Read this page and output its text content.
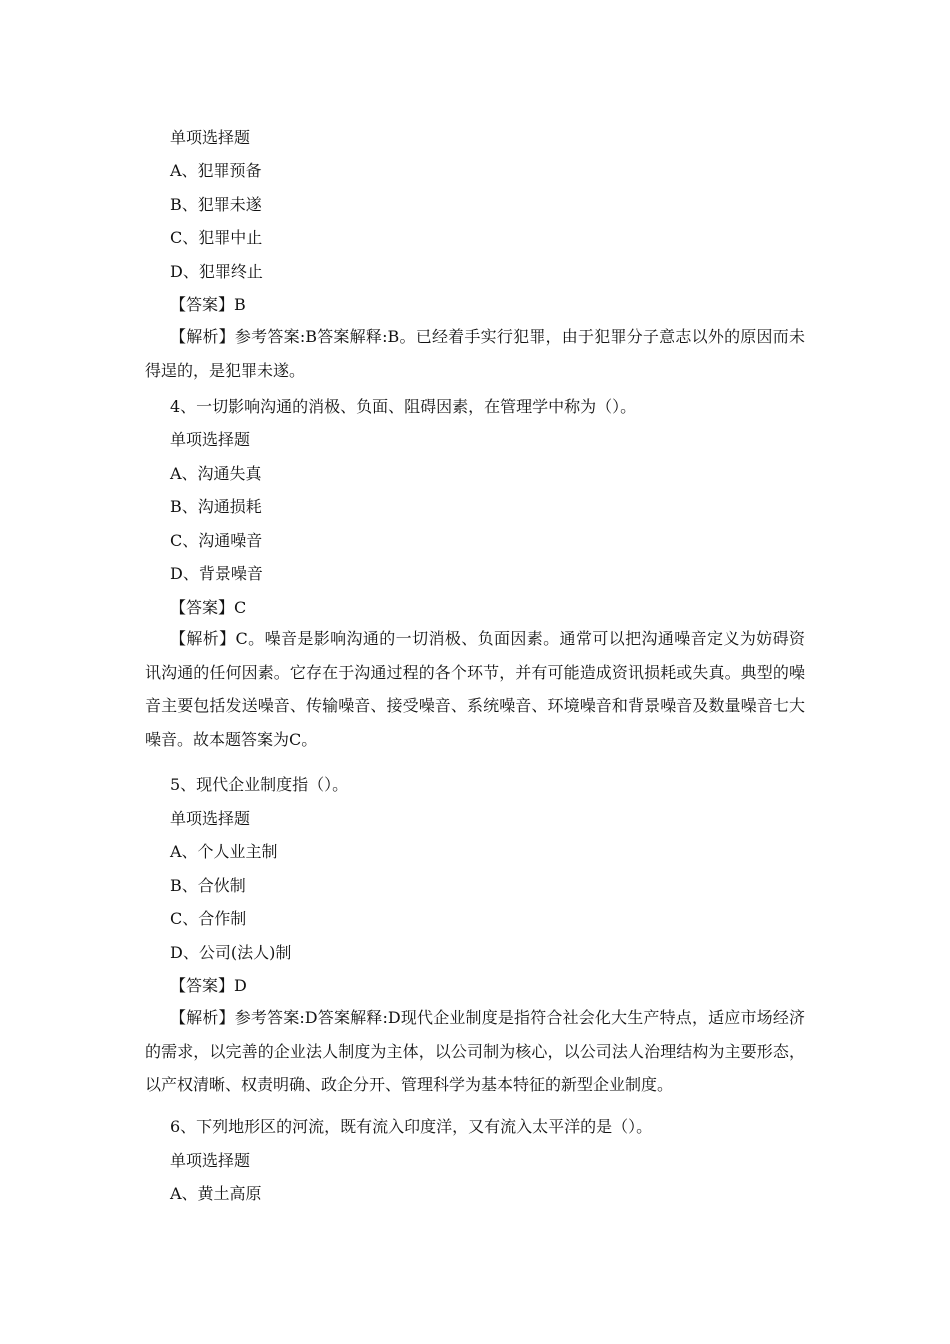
单项选择题
A、犯罪预备
B、犯罪未遂
C、犯罪中止
D、犯罪终止
【答案】B
【解析】参考答案:B答案解释:B。已经着手实行犯罪，由于犯罪分子意志以外的原因而未得逞的，是犯罪未遂。
4、一切影响沟通的消极、负面、阻碍因素，在管理学中称为（）。
单项选择题
A、沟通失真
B、沟通损耗
C、沟通噪音
D、背景噪音
【答案】C
【解析】C。噪音是影响沟通的一切消极、负面因素。通常可以把沟通噪音定义为妨碍资讯沟通的任何因素。它存在于沟通过程的各个环节，并有可能造成资讯损耗或失真。典型的噪音主要包括发送噪音、传输噪音、接受噪音、系统噪音、环境噪音和背景噪音及数量噪音七大噪音。故本题答案为C。
5、现代企业制度指（）。
单项选择题
A、个人业主制
B、合伙制
C、合作制
D、公司(法人)制
【答案】D
【解析】参考答案:D答案解释:D现代企业制度是指符合社会化大生产特点，适应市场经济的需求，以完善的企业法人制度为主体，以公司制为核心，以公司法人治理结构为主要形态，以产权清晰、权责明确、政企分开、管理科学为基本特征的新型企业制度。
6、下列地形区的河流，既有流入印度洋，又有流入太平洋的是（）。
单项选择题
A、黄土高原
